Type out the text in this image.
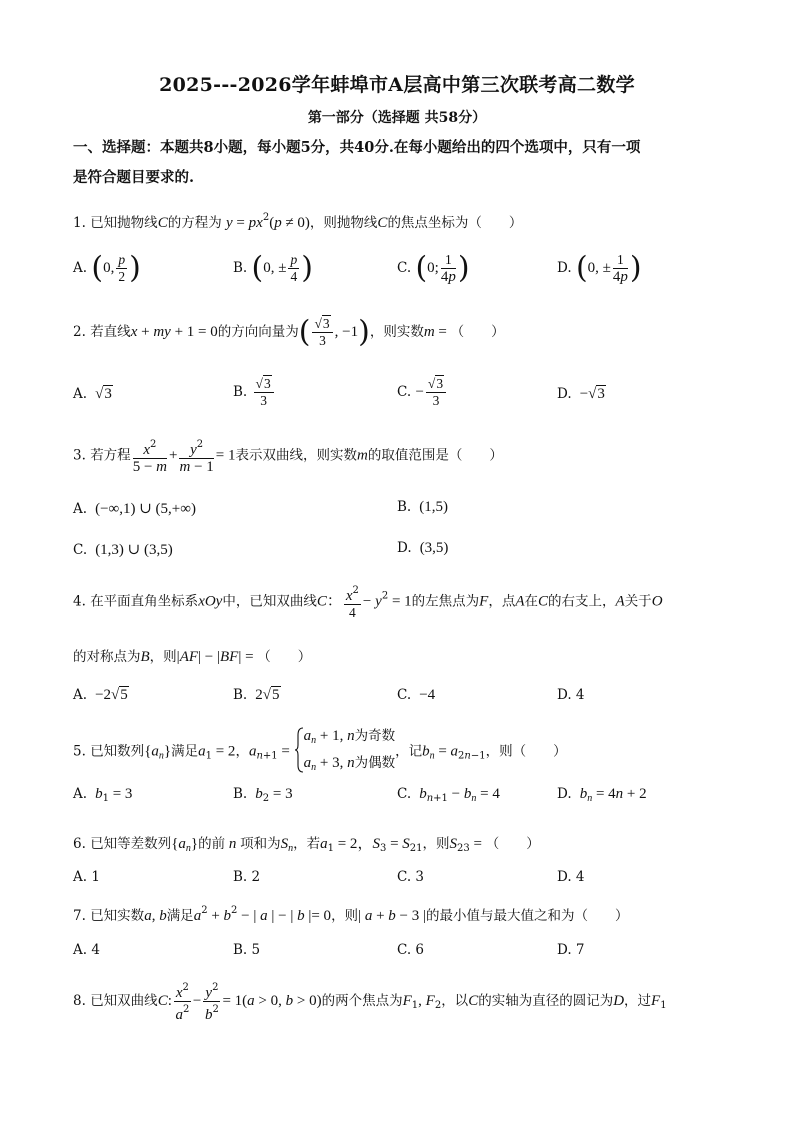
2025---2026学年蚌埠市A层高中第三次联考高二数学
第一部分（选择题 共58分）
一、选择题：本题共8小题，每小题5分，共40分.在每小题给出的四个选项中，只有一项
是符合题目要求的.
1. 已知抛物线C的方程为 $y = px^2(p \ne 0)$，则抛物线C的焦点坐标为（　　）
A. (0, $\frac{p}{2}$ )	B. (0, ± $\frac{p}{4}$ )	C. (0; $\frac{1}{4p}$ )	D. (0, ± $\frac{1}{4p}$ )
2. 若直线x + my + 1 = 0的方向向量为( $\frac{√3}{3}$ , −1)，则实数m = （　　）
A.  √3	B. $\frac{√3}{3}$	C. − $\frac{√3}{3}$	D.  −√3
3. 若方程 $\frac{x^2}{5 - m} + \frac{y^2}{m - 1} = 1$表示双曲线，则实数m的取值范围是（　　）
A.  (−∞,1) ∪ (5,+∞)	B.  (1,5)
C.  (1,3) ∪ (3,5)	D.  (3,5)
4. 在平面直角坐标系xOy中，已知双曲线C： $\frac{x^2}{4} - y^2 = 1$的左焦点为F，点A在C的右支上，A关于O
的对称点为B，则|AF| − |BF| = （　　）
A.  −2√5	B.  2√5	C.  −4	D. 4
5. 已知数列$\{a_n\}$满足$a_1 = 2$，$a_{n+1}$ =
$a_n + 1$, n为奇数
$a_n + 3$, n为偶数
，记$b_n = a_{2n-1}$，则（　　）
A.  $b_1 = 3$	B.  $b_2 = 3$	C.  $b_{n+1} - b_n = 4$	D.  $b_n = 4n + 2$
6. 已知等差数列$\{a_n\}$的前 n 项和为$S_n$，若$a_1 = 2$，$S_3 = S_{21}$，则$S_{23}$ = （　　）
A. 1	B. 2	C. 3	D. 4
7. 已知实数a, b满足$a^2 + b^2$ − | a | − | b |= 0，则| a + b − 3 |的最小值与最大值之和为（　　）
A. 4	B. 5	C. 6	D. 7
8. 已知双曲线C: $\frac{x^2}{a^2} - \frac{y^2}{b^2} = 1(a > 0$, b > 0)的两个焦点为$F_1$, $F_2$，以C的实轴为直径的圆记为D，过$F_1$
